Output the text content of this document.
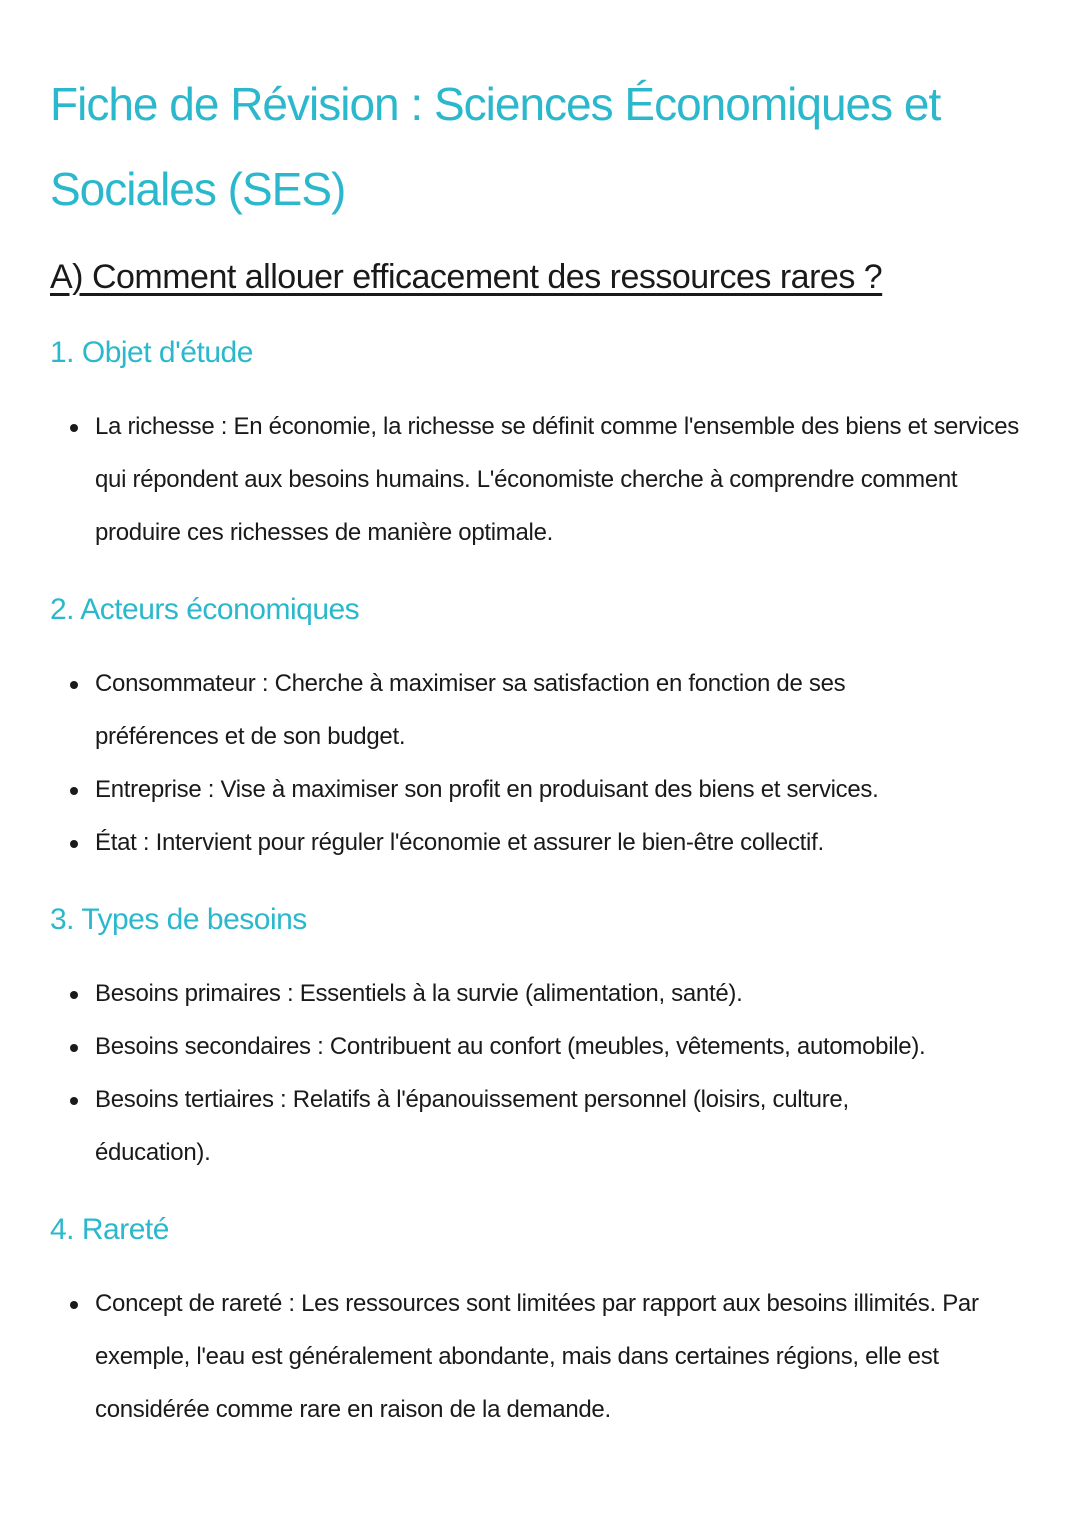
Fiche de Révision : Sciences Économiques et Sociales (SES)
A) Comment allouer efficacement des ressources rares ?
1. Objet d'étude
La richesse : En économie, la richesse se définit comme l'ensemble des biens et services qui répondent aux besoins humains. L'économiste cherche à comprendre comment produire ces richesses de manière optimale.
2. Acteurs économiques
Consommateur : Cherche à maximiser sa satisfaction en fonction de ses préférences et de son budget.
Entreprise : Vise à maximiser son profit en produisant des biens et services.
État : Intervient pour réguler l'économie et assurer le bien-être collectif.
3. Types de besoins
Besoins primaires : Essentiels à la survie (alimentation, santé).
Besoins secondaires : Contribuent au confort (meubles, vêtements, automobile).
Besoins tertiaires : Relatifs à l'épanouissement personnel (loisirs, culture, éducation).
4. Rareté
Concept de rareté : Les ressources sont limitées par rapport aux besoins illimités. Par exemple, l'eau est généralement abondante, mais dans certaines régions, elle est considérée comme rare en raison de la demande.
